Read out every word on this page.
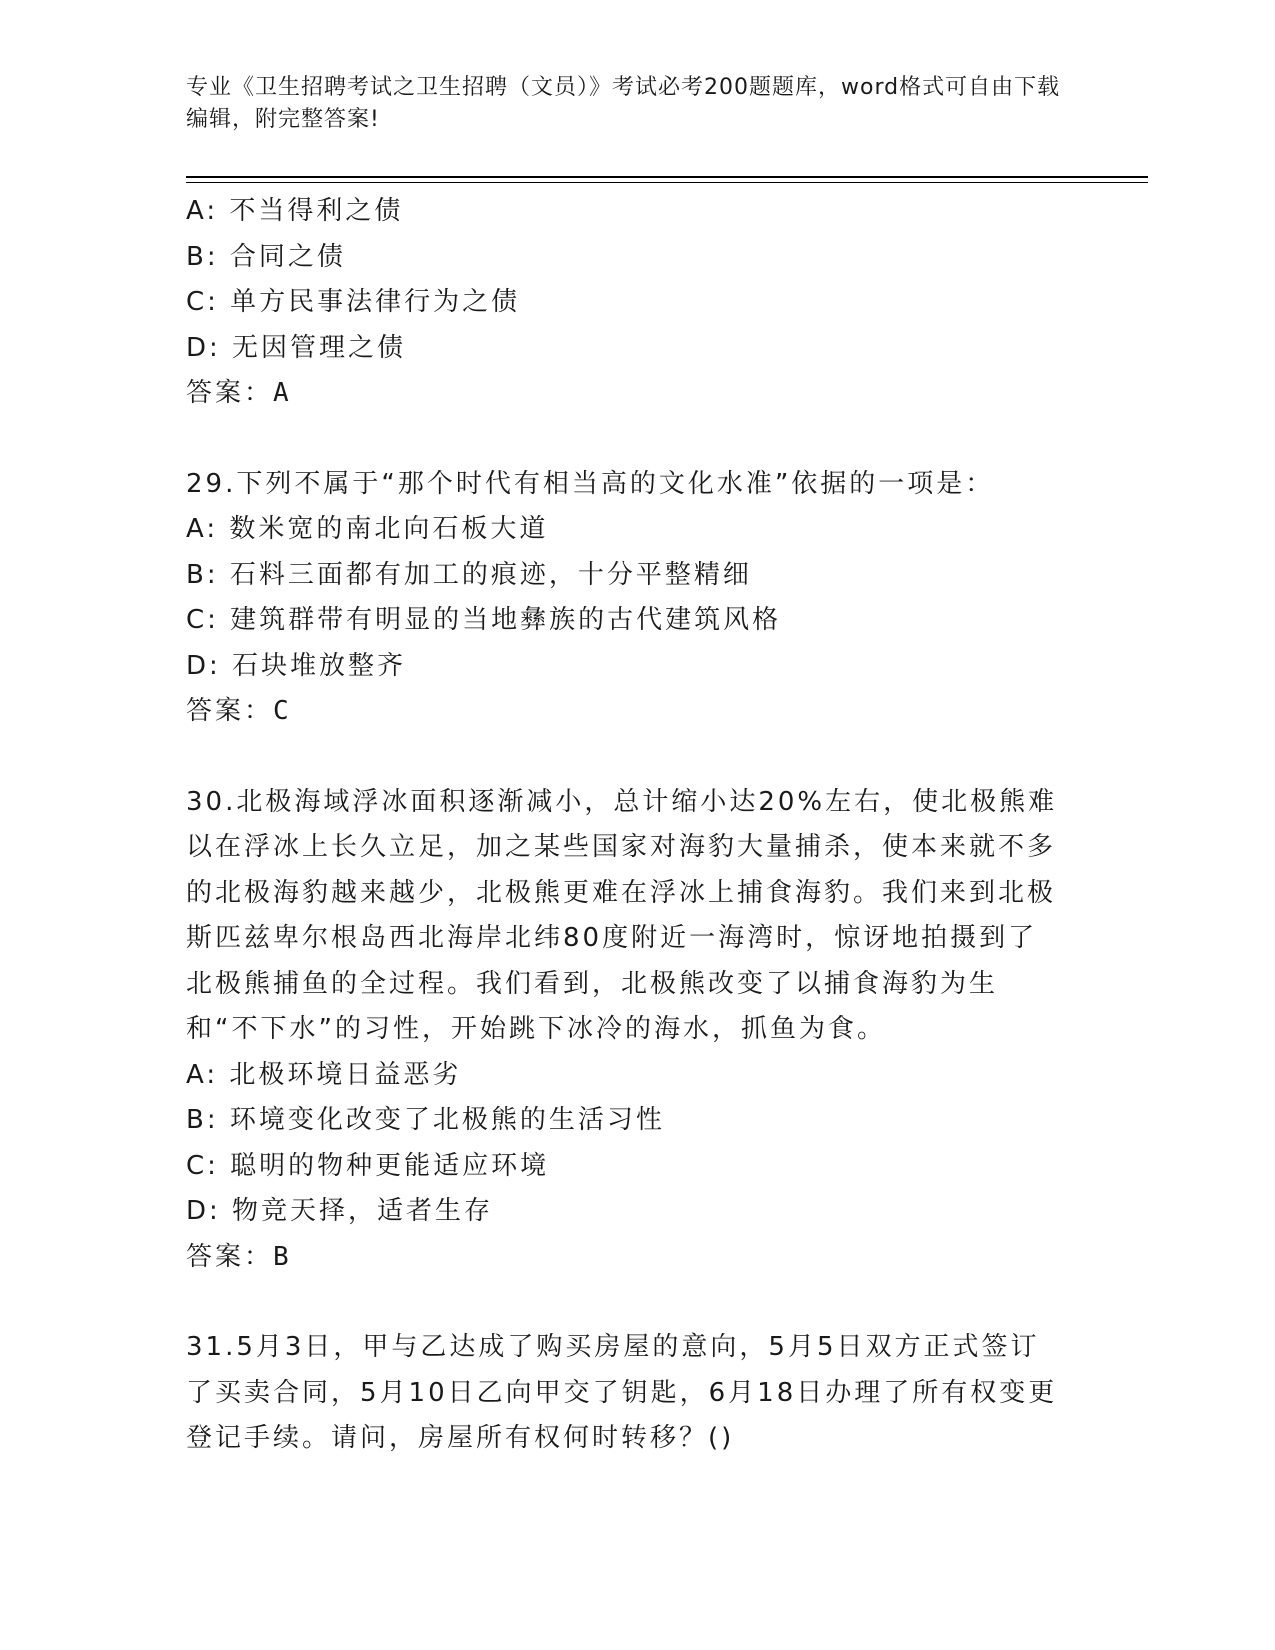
专业《卫生招聘考试之卫生招聘（文员）》考试必考200题题库，word格式可自由下载编辑，附完整答案!
A: 不当得利之债
B: 合同之债
C: 单方民事法律行为之债
D: 无因管理之债
答案：A
29.下列不属于“那个时代有相当高的文化水准”依据的一项是：
A: 数米宽的南北向石板大道
B: 石料三面都有加工的痕迹，十分平整精细
C: 建筑群带有明显的当地彝族的古代建筑风格
D: 石块堆放整齐
答案：C

30.北极海域浮冰面积逐渐减小，总计缩小达20%左右，使北极熊难以在浮冰上长久立足，加之某些国家对海豹大量捕杀，使本来就不多的北极海豹越来越少，北极熊更难在浮冰上捕食海豹。我们来到北极斯匹兹卑尔根岛西北海岸北纬80度附近一海湾时，惊讶地拍摄到了北极熊捕鱼的全过程。我们看到，北极熊改变了以捕食海豹为生和“不下水”的习性，开始跳下冰冷的海水，抓鱼为食。

A: 北极环境日益恶劣
B: 环境变化改变了北极熊的生活习性
C: 聪明的物种更能适应环境
D: 物竞天择，适者生存
答案：B

31.5月3日，甲与乙达成了购买房屋的意向，5月5日双方正式签订了买卖合同，5月10日乙向甲交了钥匙，6月18日办理了所有权变更登记手续。请问，房屋所有权何时转移？()
